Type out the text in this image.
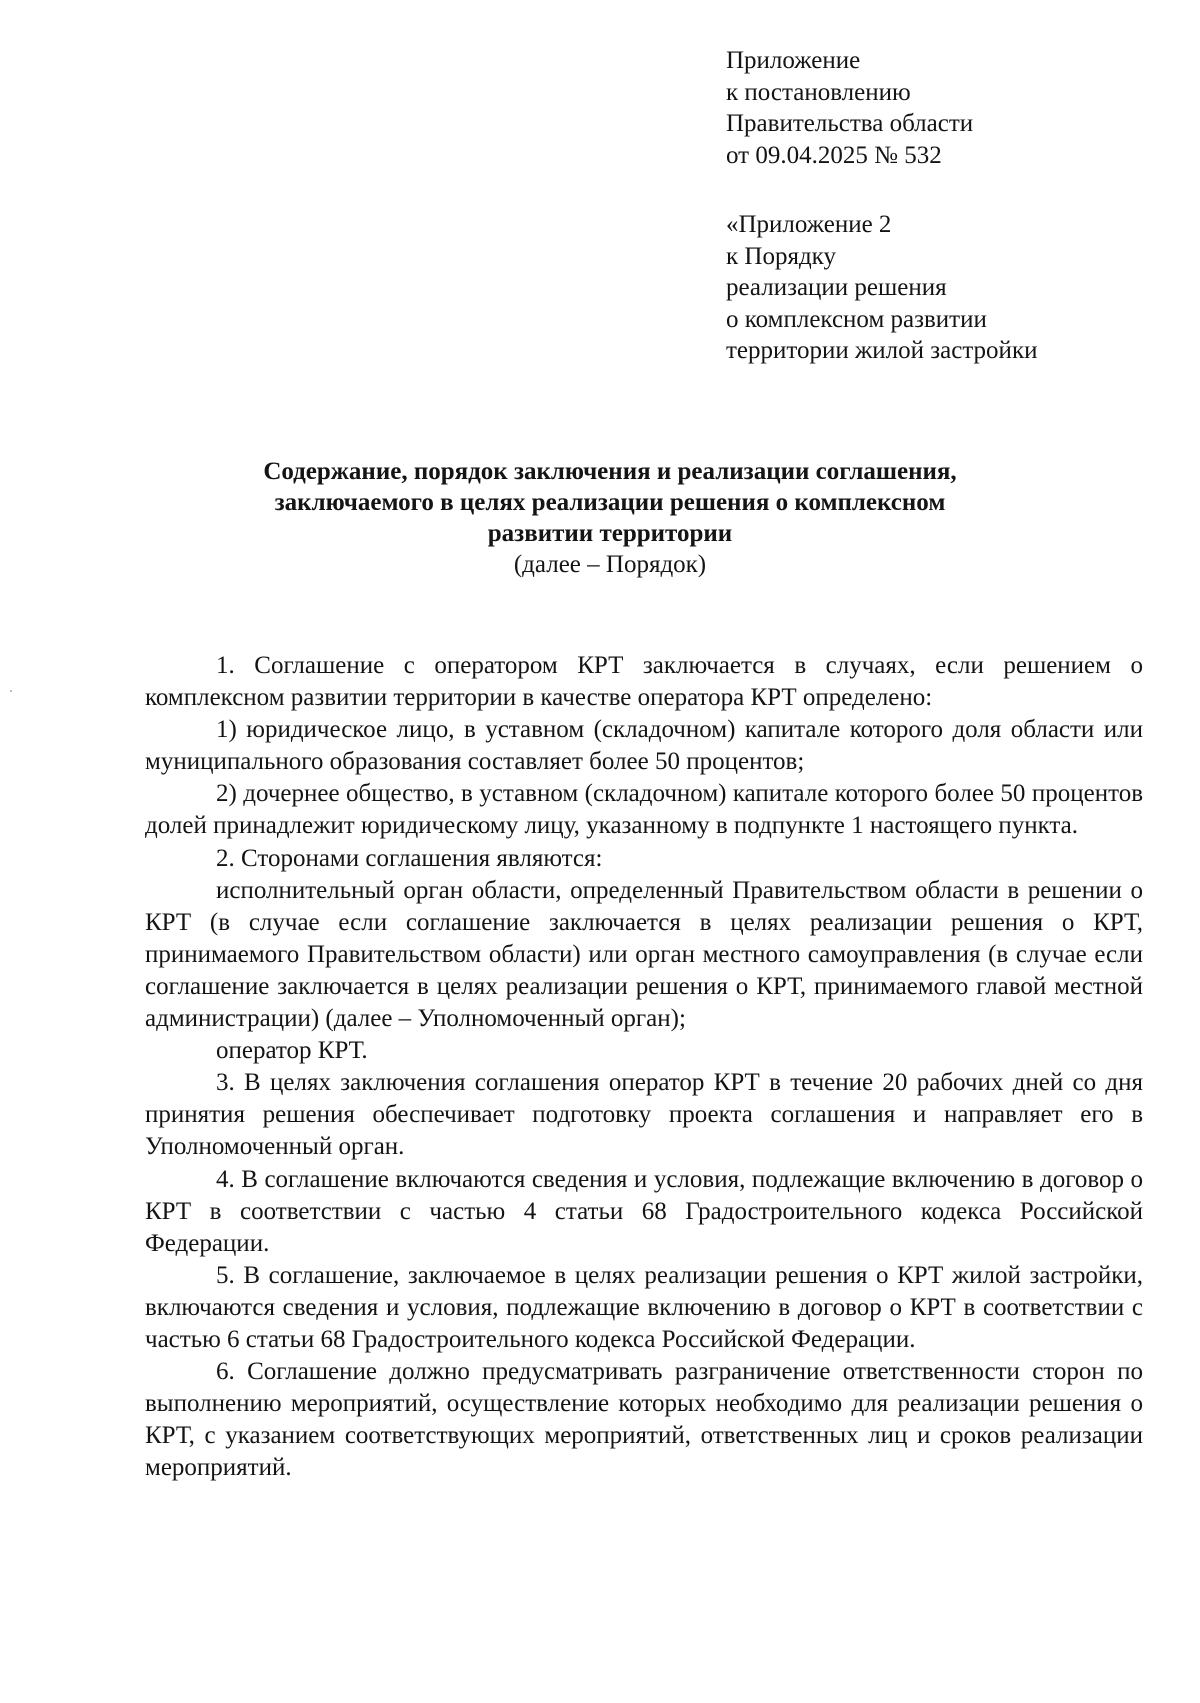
Приложение
к постановлению
Правительства области
от 09.04.2025 № 532
«Приложение 2
к Порядку
реализации решения
о комплексном развитии
территории жилой застройки
Содержание, порядок заключения и реализации соглашения,
заключаемого в целях реализации решения о комплексном
развитии территории
(далее – Порядок)

1. Соглашение с оператором КРТ заключается в случаях, если решением о комплексном развитии территории в качестве оператора КРТ определено:

1) юридическое лицо, в уставном (складочном) капитале которого доля области или муниципального образования составляет более 50 процентов;

2) дочернее общество, в уставном (складочном) капитале которого более 50 процентов долей принадлежит юридическому лицу, указанному в подпункте 1 настоящего пункта.

2. Сторонами соглашения являются:

исполнительный орган области, определенный Правительством области в решении о КРТ (в случае если соглашение заключается в целях реализации решения о КРТ, принимаемого Правительством области) или орган местного самоуправления (в случае если соглашение заключается в целях реализации решения о КРТ, принимаемого главой местной администрации) (далее – Уполномоченный орган);

оператор КРТ.

3. В целях заключения соглашения оператор КРТ в течение 20 рабочих дней со дня принятия решения обеспечивает подготовку проекта соглашения и направляет его в Уполномоченный орган.

4. В соглашение включаются сведения и условия, подлежащие включению в договор о КРТ в соответствии с частью 4 статьи 68 Градостроительного кодекса Российской Федерации.

5. В соглашение, заключаемое в целях реализации решения о КРТ жилой застройки, включаются сведения и условия, подлежащие включению в договор о КРТ в соответствии с частью 6 статьи 68 Градостроительного кодекса Российской Федерации.

6. Соглашение должно предусматривать разграничение ответственности сторон по выполнению мероприятий, осуществление которых необходимо для реализации решения о КРТ, с указанием соответствующих мероприятий, ответственных лиц и сроков реализации мероприятий.
